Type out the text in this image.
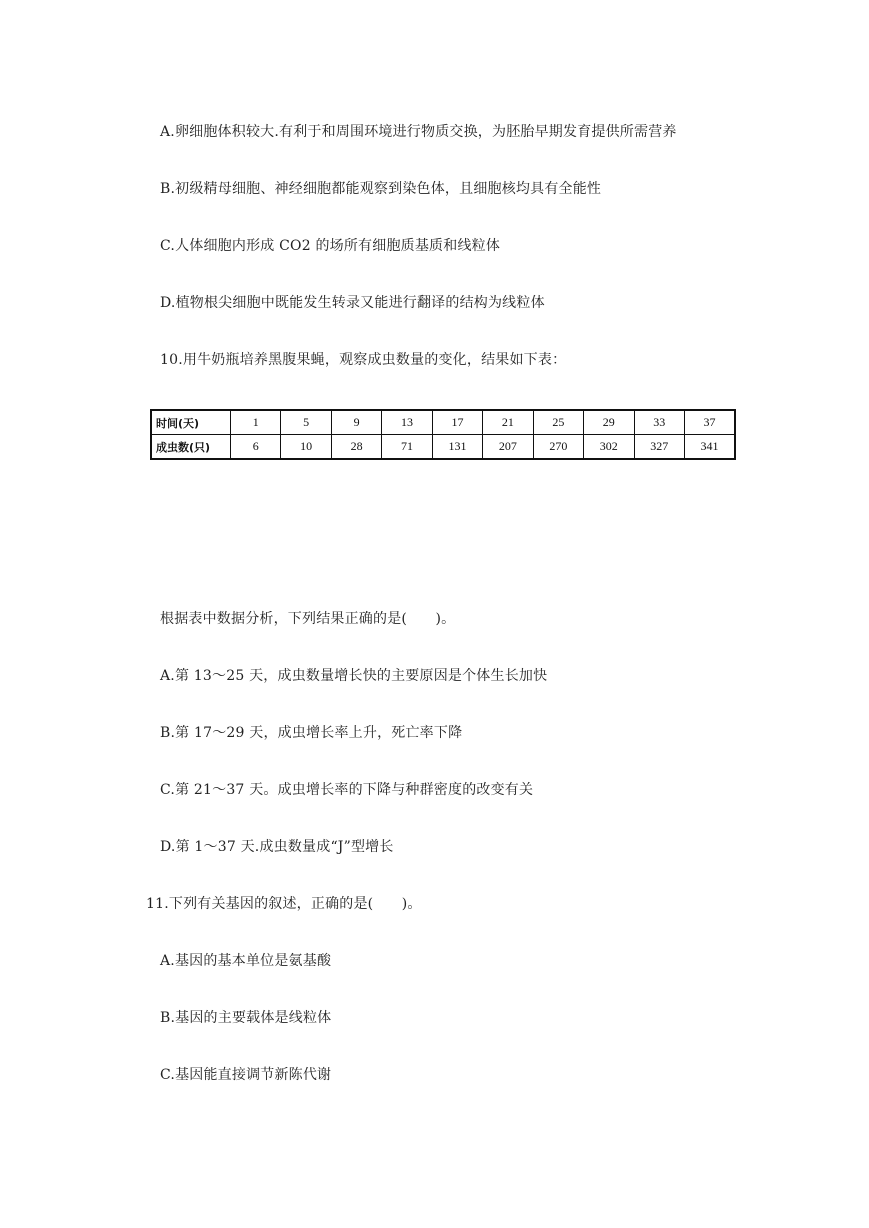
A.卵细胞体积较大.有利于和周围环境进行物质交换，为胚胎早期发育提供所需营养
B.初级精母细胞、神经细胞都能观察到染色体，且细胞核均具有全能性
C.人体细胞内形成 CO2 的场所有细胞质基质和线粒体
D.植物根尖细胞中既能发生转录又能进行翻译的结构为线粒体
10.用牛奶瓶培养黑腹果蝇，观察成虫数量的变化，结果如下表：
时间(天)	1	5	9	13	17	21	25	29	33	37
成虫数(只)	6	10	28	71	131	207	270	302	327	341
根据表中数据分析，下列结果正确的是(　　)。
A.第 13～25 天，成虫数量增长快的主要原因是个体生长加快
B.第 17～29 天，成虫增长率上升，死亡率下降
C.第 21～37 天。成虫增长率的下降与种群密度的改变有关
D.第 1～37 天.成虫数量成“J”型增长
11.下列有关基因的叙述，正确的是(　　)。
A.基因的基本单位是氨基酸
B.基因的主要载体是线粒体
C.基因能直接调节新陈代谢
